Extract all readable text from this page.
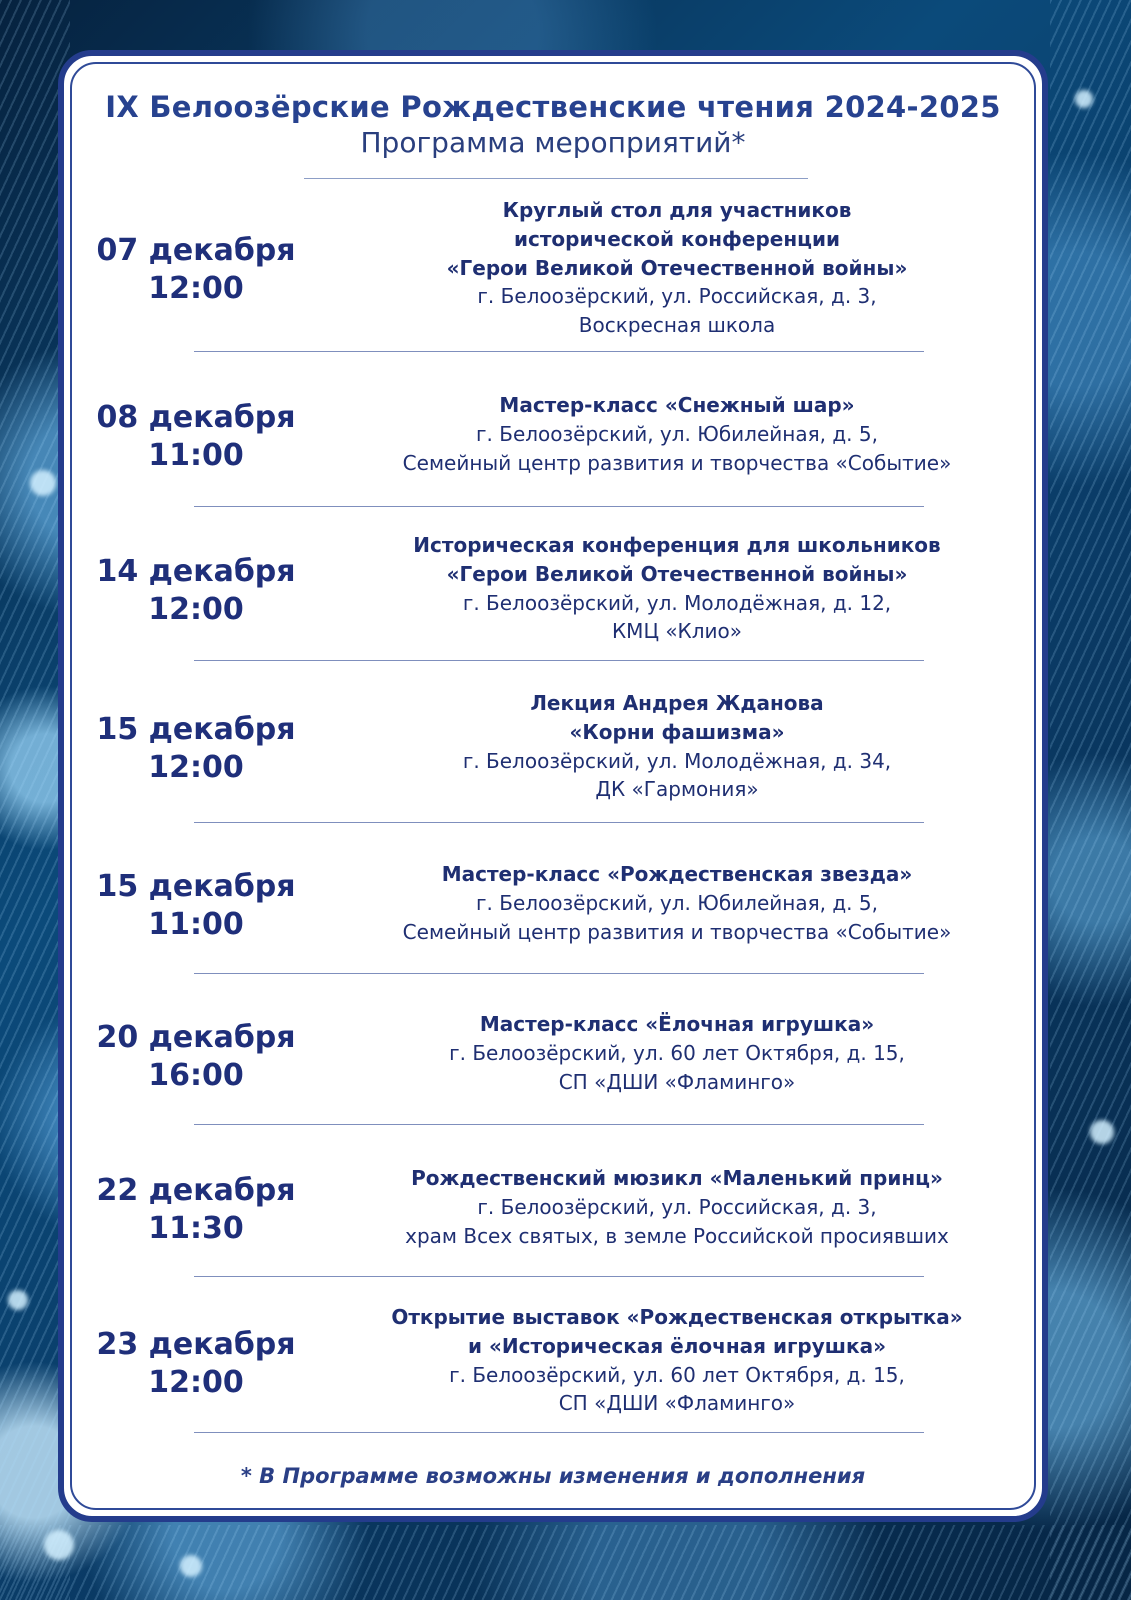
IX Белоозёрские Рождественские чтения 2024-2025
Программа мероприятий*
07 декабря
12:00
Круглый стол для участников
исторической конференции
«Герои Великой Отечественной войны»
г. Белоозёрский, ул. Российская, д. 3,
Воскресная школа
08 декабря
11:00
Мастер-класс «Снежный шар»
г. Белоозёрский, ул. Юбилейная, д. 5,
Семейный центр развития и творчества «Событие»
14 декабря
12:00
Историческая конференция для школьников
«Герои Великой Отечественной войны»
г. Белоозёрский, ул. Молодёжная, д. 12,
КМЦ «Клио»
15 декабря
12:00
Лекция Андрея Жданова
«Корни фашизма»
г. Белоозёрский, ул. Молодёжная, д. 34,
ДК «Гармония»
15 декабря
11:00
Мастер-класс «Рождественская звезда»
г. Белоозёрский, ул. Юбилейная, д. 5,
Семейный центр развития и творчества «Событие»
20 декабря
16:00
Мастер-класс «Ёлочная игрушка»
г. Белоозёрский, ул. 60 лет Октября, д. 15,
СП «ДШИ «Фламинго»
22 декабря
11:30
Рождественский мюзикл «Маленький принц»
г. Белоозёрский, ул. Российская, д. 3,
храм Всех святых, в земле Российской просиявших
23 декабря
12:00
Открытие выставок «Рождественская открытка»
и «Историческая ёлочная игрушка»
г. Белоозёрский, ул. 60 лет Октября, д. 15,
СП «ДШИ «Фламинго»
* В Программе возможны изменения и дополнения
